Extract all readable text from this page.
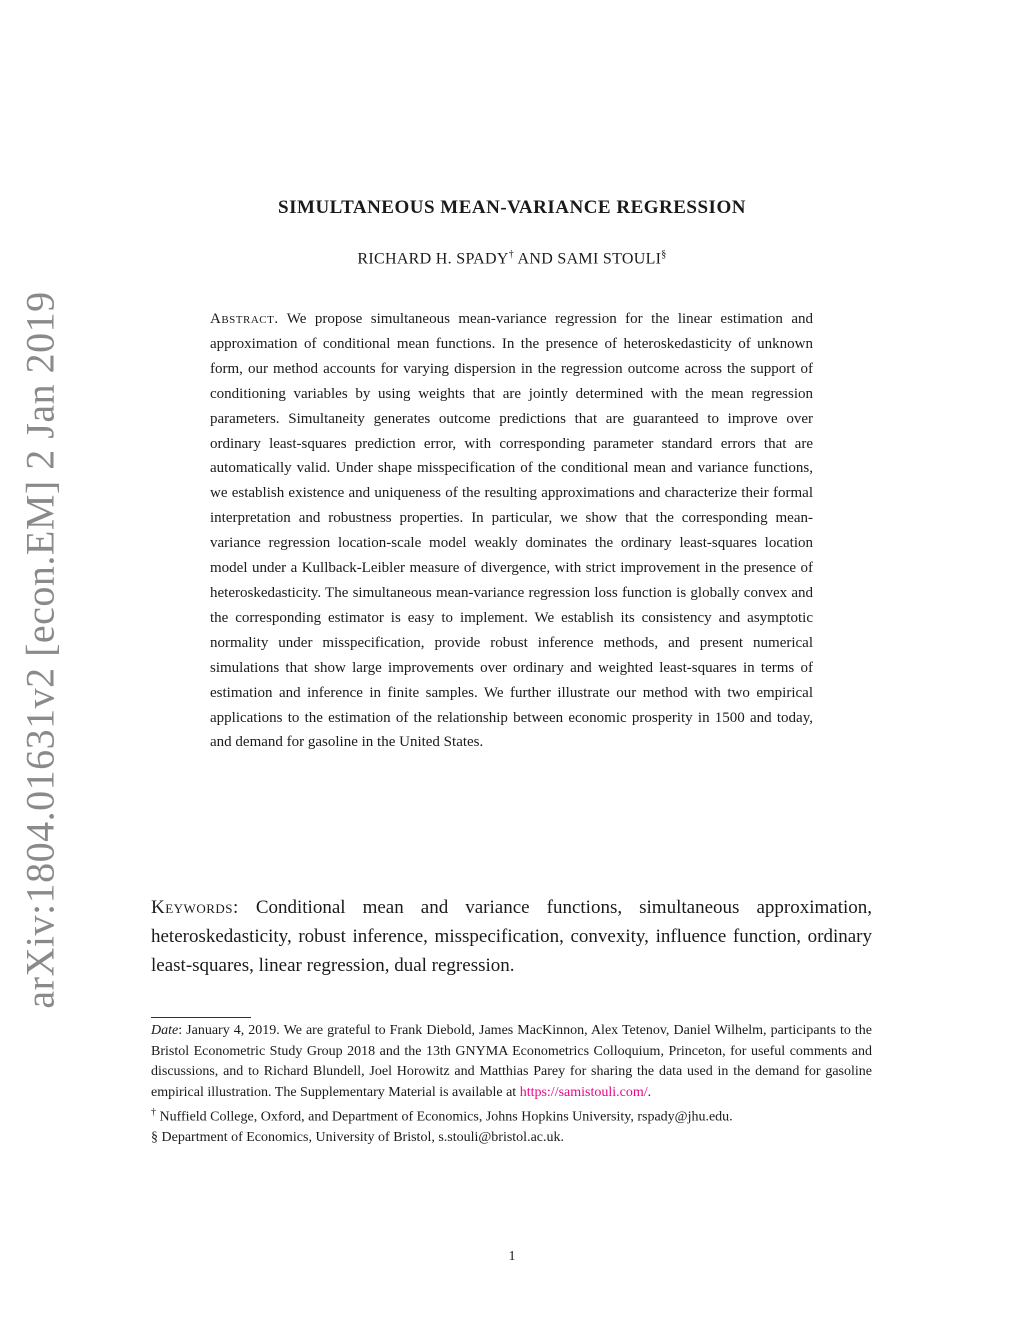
arXiv:1804.01631v2 [econ.EM] 2 Jan 2019
SIMULTANEOUS MEAN-VARIANCE REGRESSION
RICHARD H. SPADY† AND SAMI STOULI§

Abstract. We propose simultaneous mean-variance regression for the linear estimation and approximation of conditional mean functions. In the presence of heteroskedasticity of unknown form, our method accounts for varying dispersion in the regression outcome across the support of conditioning variables by using weights that are jointly determined with the mean regression parameters. Simultaneity generates outcome predictions that are guaranteed to improve over ordinary least-squares prediction error, with corresponding parameter standard errors that are automatically valid. Under shape misspecification of the conditional mean and variance functions, we establish existence and uniqueness of the resulting approximations and characterize their formal interpretation and robustness properties. In particular, we show that the corresponding mean-variance regression location-scale model weakly dominates the ordinary least-squares location model under a Kullback-Leibler measure of divergence, with strict improvement in the presence of heteroskedasticity. The simultaneous mean-variance regression loss function is globally convex and the corresponding estimator is easy to implement. We establish its consistency and asymptotic normality under misspecification, provide robust inference methods, and present numerical simulations that show large improvements over ordinary and weighted least-squares in terms of estimation and inference in finite samples. We further illustrate our method with two empirical applications to the estimation of the relationship between economic prosperity in 1500 and today, and demand for gasoline in the United States.

Keywords: Conditional mean and variance functions, simultaneous approximation, heteroskedasticity, robust inference, misspecification, convexity, influence function, ordinary least-squares, linear regression, dual regression.

Date: January 4, 2019. We are grateful to Frank Diebold, James MacKinnon, Alex Tetenov, Daniel Wilhelm, participants to the Bristol Econometric Study Group 2018 and the 13th GNYMA Econometrics Colloquium, Princeton, for useful comments and discussions, and to Richard Blundell, Joel Horowitz and Matthias Parey for sharing the data used in the demand for gasoline empirical illustration. The Supplementary Material is available at https://samistouli.com/.

† Nuffield College, Oxford, and Department of Economics, Johns Hopkins University, rspady@jhu.edu.

§ Department of Economics, University of Bristol, s.stouli@bristol.ac.uk.

1
